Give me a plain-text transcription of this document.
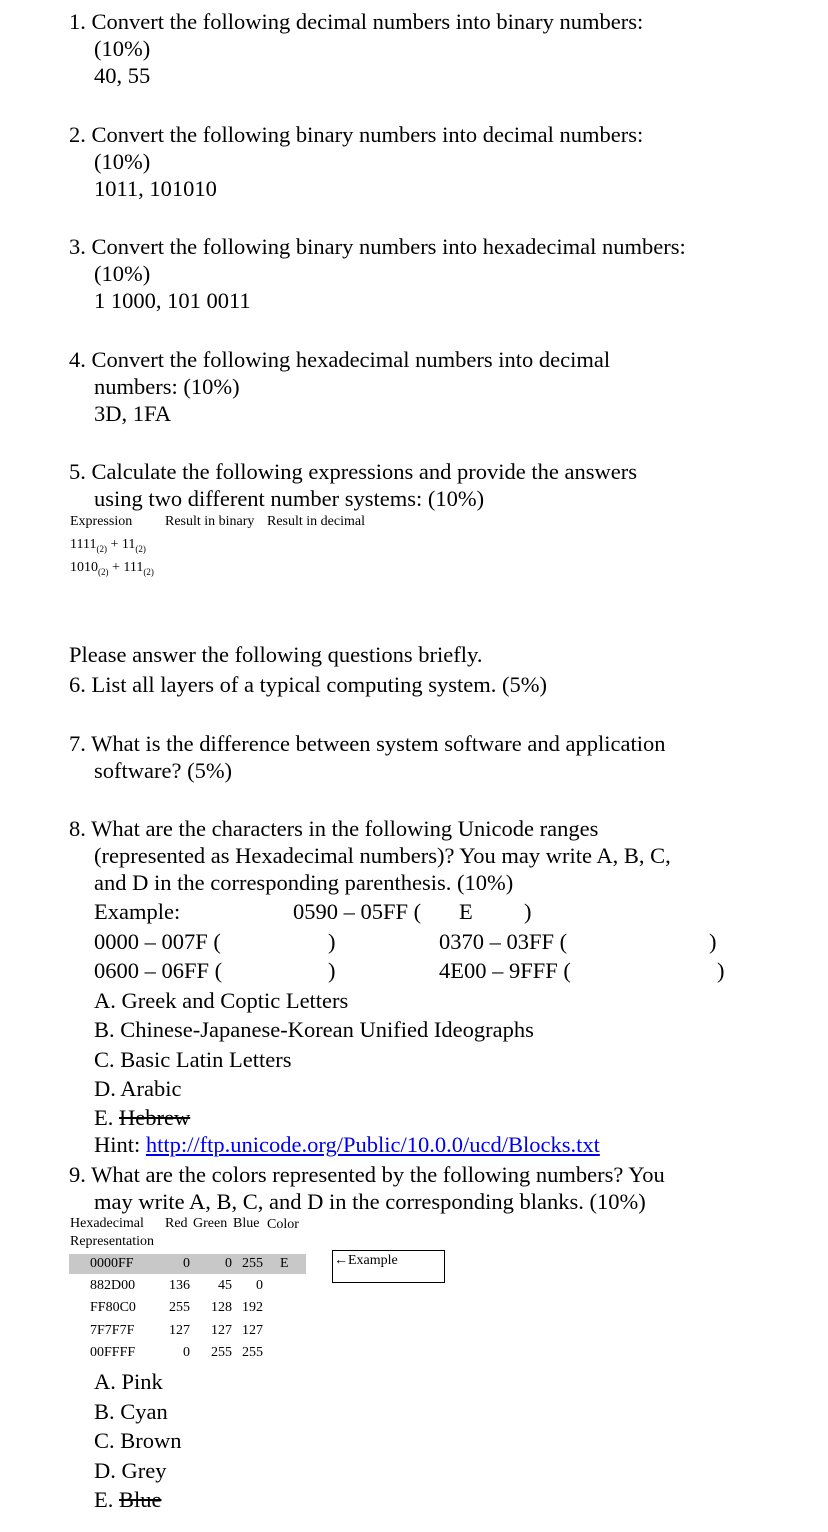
1. Convert the following decimal numbers into binary numbers:
(10%)
40, 55
2. Convert the following binary numbers into decimal numbers:
(10%)
1011, 101010
3. Convert the following binary numbers into hexadecimal numbers:
(10%)
1 1000, 101 0011
4. Convert the following hexadecimal numbers into decimal
numbers: (10%)
3D, 1FA
5. Calculate the following expressions and provide the answers
using two different number systems: (10%)
Expression Result in binary Result in decimal
$1111_{(2)} + 11_{(2)}$
$1010_{(2)} + 111_{(2)}$
Please answer the following questions briefly.
6. List all layers of a typical computing system. (5%)
7. What is the difference between system software and application
software? (5%)
8. What are the characters in the following Unicode ranges
(represented as Hexadecimal numbers)? You may write A, B, C,
and D in the corresponding parenthesis. (10%)
Example:	0590 – 05FF ( E )
0000 – 007F (	)	0370 – 03FF (	)
0600 – 06FF (	)	4E00 – 9FFF (	)
A. Greek and Coptic Letters
B. Chinese-Japanese-Korean Unified Ideographs
C. Basic Latin Letters
D. Arabic
E. Hebrew
Hint: http://ftp.unicode.org/Public/10.0.0/ucd/Blocks.txt
9. What are the colors represented by the following numbers? You
may write A, B, C, and D in the corresponding blanks. (10%)
Hexadecimal
Representation
Red Green Blue Color
0000FF	0	0 255 E
882D00	136	45	0
FF80C0	255	128 192
7F7F7F	127	127 127
00FFFF	0	255 255
←Example
A. Pink
B. Cyan
C. Brown
D. Grey
E. Blue
